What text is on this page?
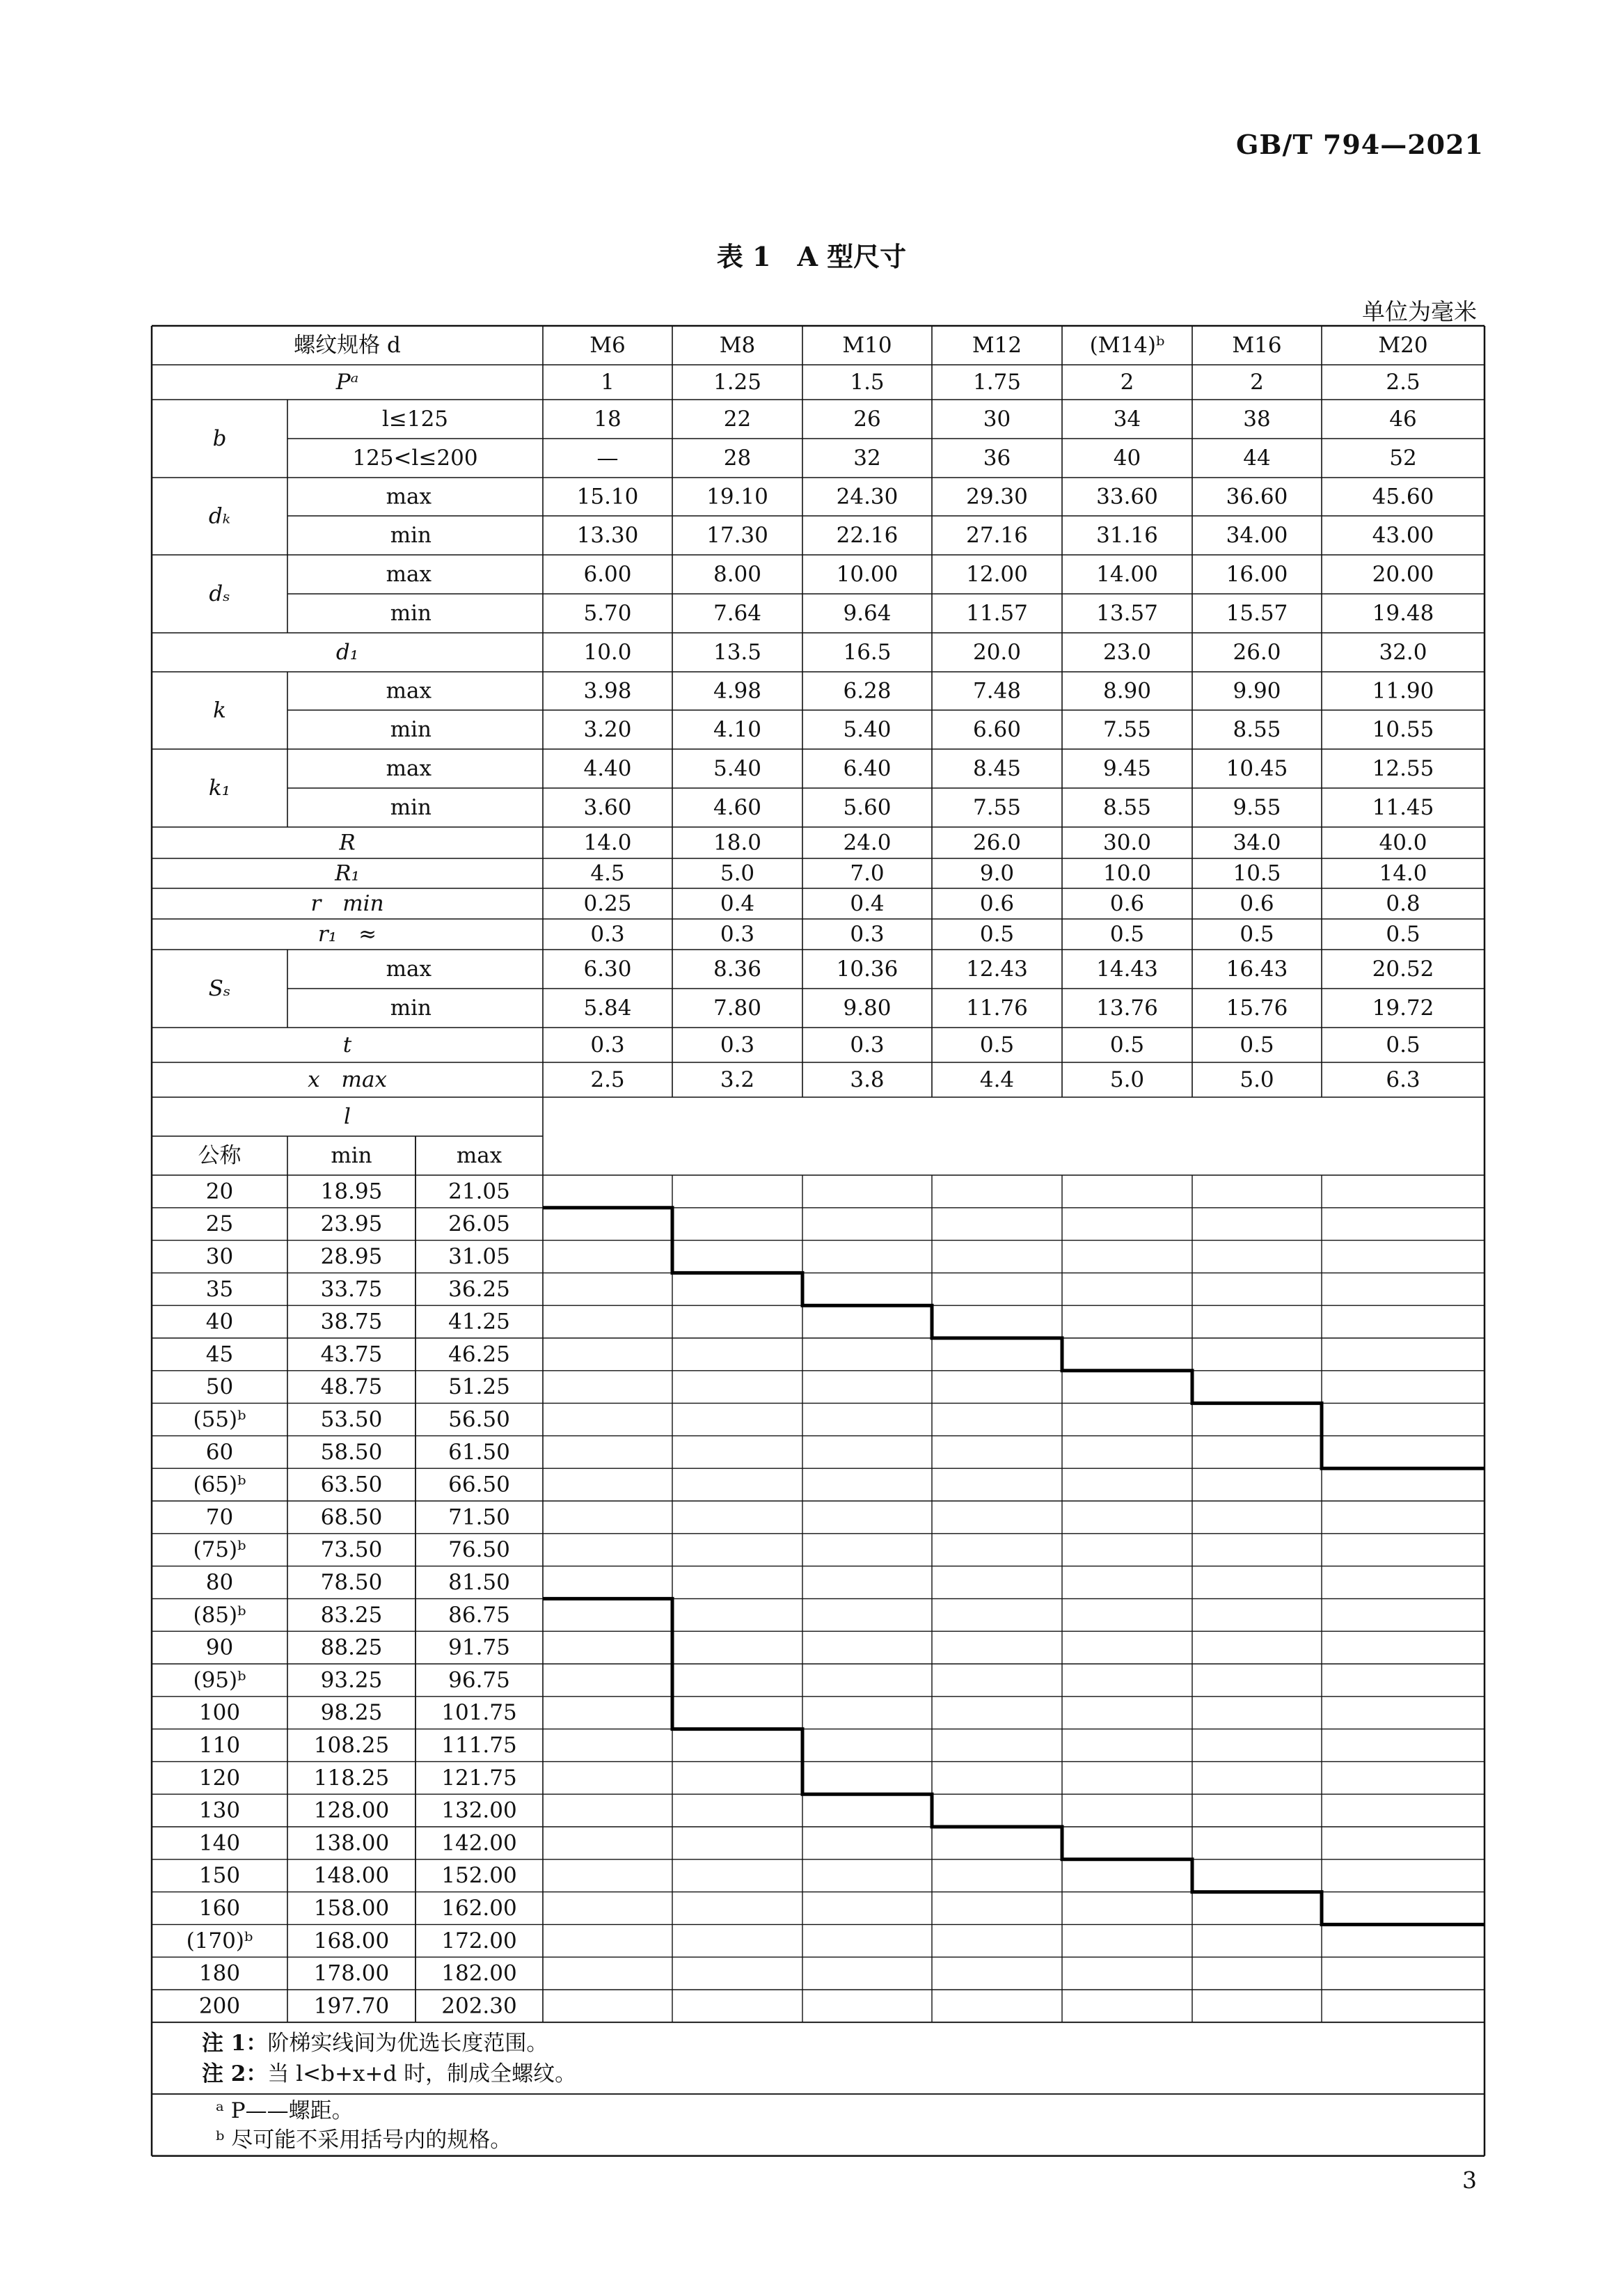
GB/T 794—2021
表 1　A 型尺寸
单位为毫米
螺纹规格 d	M6	M8	M10	M12	(M14)ᵇ	M16	M20
Pᵃ	1	1.25	1.5	1.75	2	2	2.5
b
l≤125	18	22	26	30	34	38	46
125<l≤200	—	28	32	36	40	44	52
dₖ
max	15.10	19.10	24.30	29.30	33.60	36.60	45.60
min	13.30	17.30	22.16	27.16	31.16	34.00	43.00
dₛ
max	6.00	8.00	10.00	12.00	14.00	16.00	20.00
min	5.70	7.64	9.64	11.57	13.57	15.57	19.48
d₁	10.0	13.5	16.5	20.0	23.0	26.0	32.0
k
max	3.98	4.98	6.28	7.48	8.90	9.90	11.90
min	3.20	4.10	5.40	6.60	7.55	8.55	10.55
k₁
max	4.40	5.40	6.40	8.45	9.45	10.45	12.55
min	3.60	4.60	5.60	7.55	8.55	9.55	11.45
R	14.0	18.0	24.0	26.0	30.0	34.0	40.0
R₁	4.5	5.0	7.0	9.0	10.0	10.5	14.0
r　min	0.25	0.4	0.4	0.6	0.6	0.6	0.8
r₁　≈	0.3	0.3	0.3	0.5	0.5	0.5	0.5
Sₛ
max	6.30	8.36	10.36	12.43	14.43	16.43	20.52
min	5.84	7.80	9.80	11.76	13.76	15.76	19.72
t	0.3	0.3	0.3	0.5	0.5	0.5	0.5
x　max	2.5	3.2	3.8	4.4	5.0	5.0	6.3
l
公称	min	max
20	18.95	21.05
25	23.95	26.05
30	28.95	31.05
35	33.75	36.25
40	38.75	41.25
45	43.75	46.25
50	48.75	51.25
(55)ᵇ	53.50	56.50
60	58.50	61.50
(65)ᵇ	63.50	66.50
70	68.50	71.50
(75)ᵇ	73.50	76.50
80	78.50	81.50
(85)ᵇ	83.25	86.75
90	88.25	91.75
(95)ᵇ	93.25	96.75
100	98.25	101.75
110	108.25 111.75
120	118.25 121.75
130	128.00 132.00
140	138.00 142.00
150	148.00 152.00
160	158.00 162.00
(170)ᵇ	168.00 172.00
180	178.00 182.00
200	197.70 202.30
注 1：阶梯实线间为优选长度范围。
注 2：当 l<b+x+d 时，制成全螺纹。
ᵃ P——螺距。
ᵇ 尽可能不采用括号内的规格。
3
